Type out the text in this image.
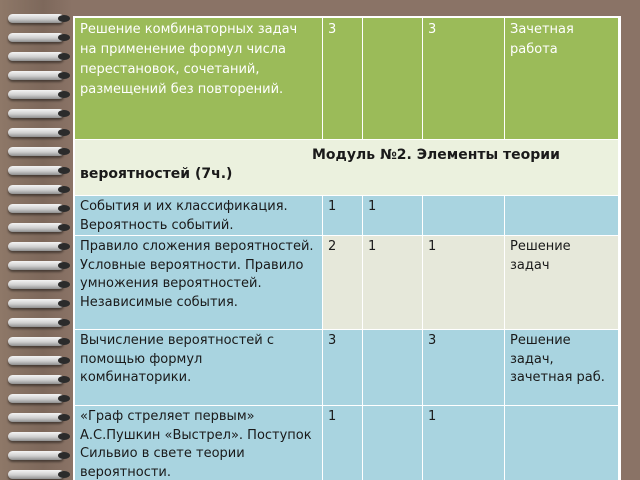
Решение комбинаторных задач на применение формул числа перестановок, сочетаний, размещений без повторений.	3		3	Зачетная работа

Модуль №2. Элементы теории
вероятностей (7ч.)				

События и их классификация. Вероятность событий.	1	1		
Правило сложения вероятностей. Условные вероятности. Правило умножения вероятностей. Независимые события.	2	1	1	Решение задач
Вычисление вероятностей с помощью формул комбинаторики.	3		3	Решение задач, зачетная раб.
«Граф стреляет первым» А.С.Пушкин «Выстрел». Поступок Сильвио в свете теории вероятности.	1		1	
